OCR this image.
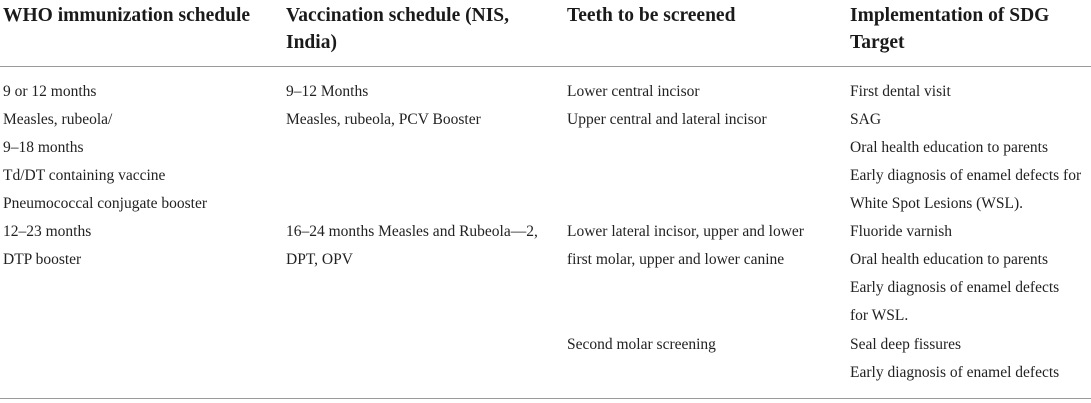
WHO immunization schedule Vaccination schedule (NIS,
India)
Teeth to be screened	Implementation of SDG
Target
9 or 12 months
Measles, rubeola/
9–18 months
Td/DT containing vaccine
Pneumococcal conjugate booster
12–23 months
DTP booster
9–12 Months
Measles, rubeola, PCV Booster
16–24 months Measles and Rubeola—2,
DPT, OPV
Lower central incisor
Upper central and lateral incisor
Lower lateral incisor, upper and lower
first molar, upper and lower canine
Second molar screening
First dental visit
SAG
Oral health education to parents
Early diagnosis of enamel defects for
White Spot Lesions (WSL).
Fluoride varnish
Oral health education to parents
Early diagnosis of enamel defects
for WSL.
Seal deep fissures
Early diagnosis of enamel defects
